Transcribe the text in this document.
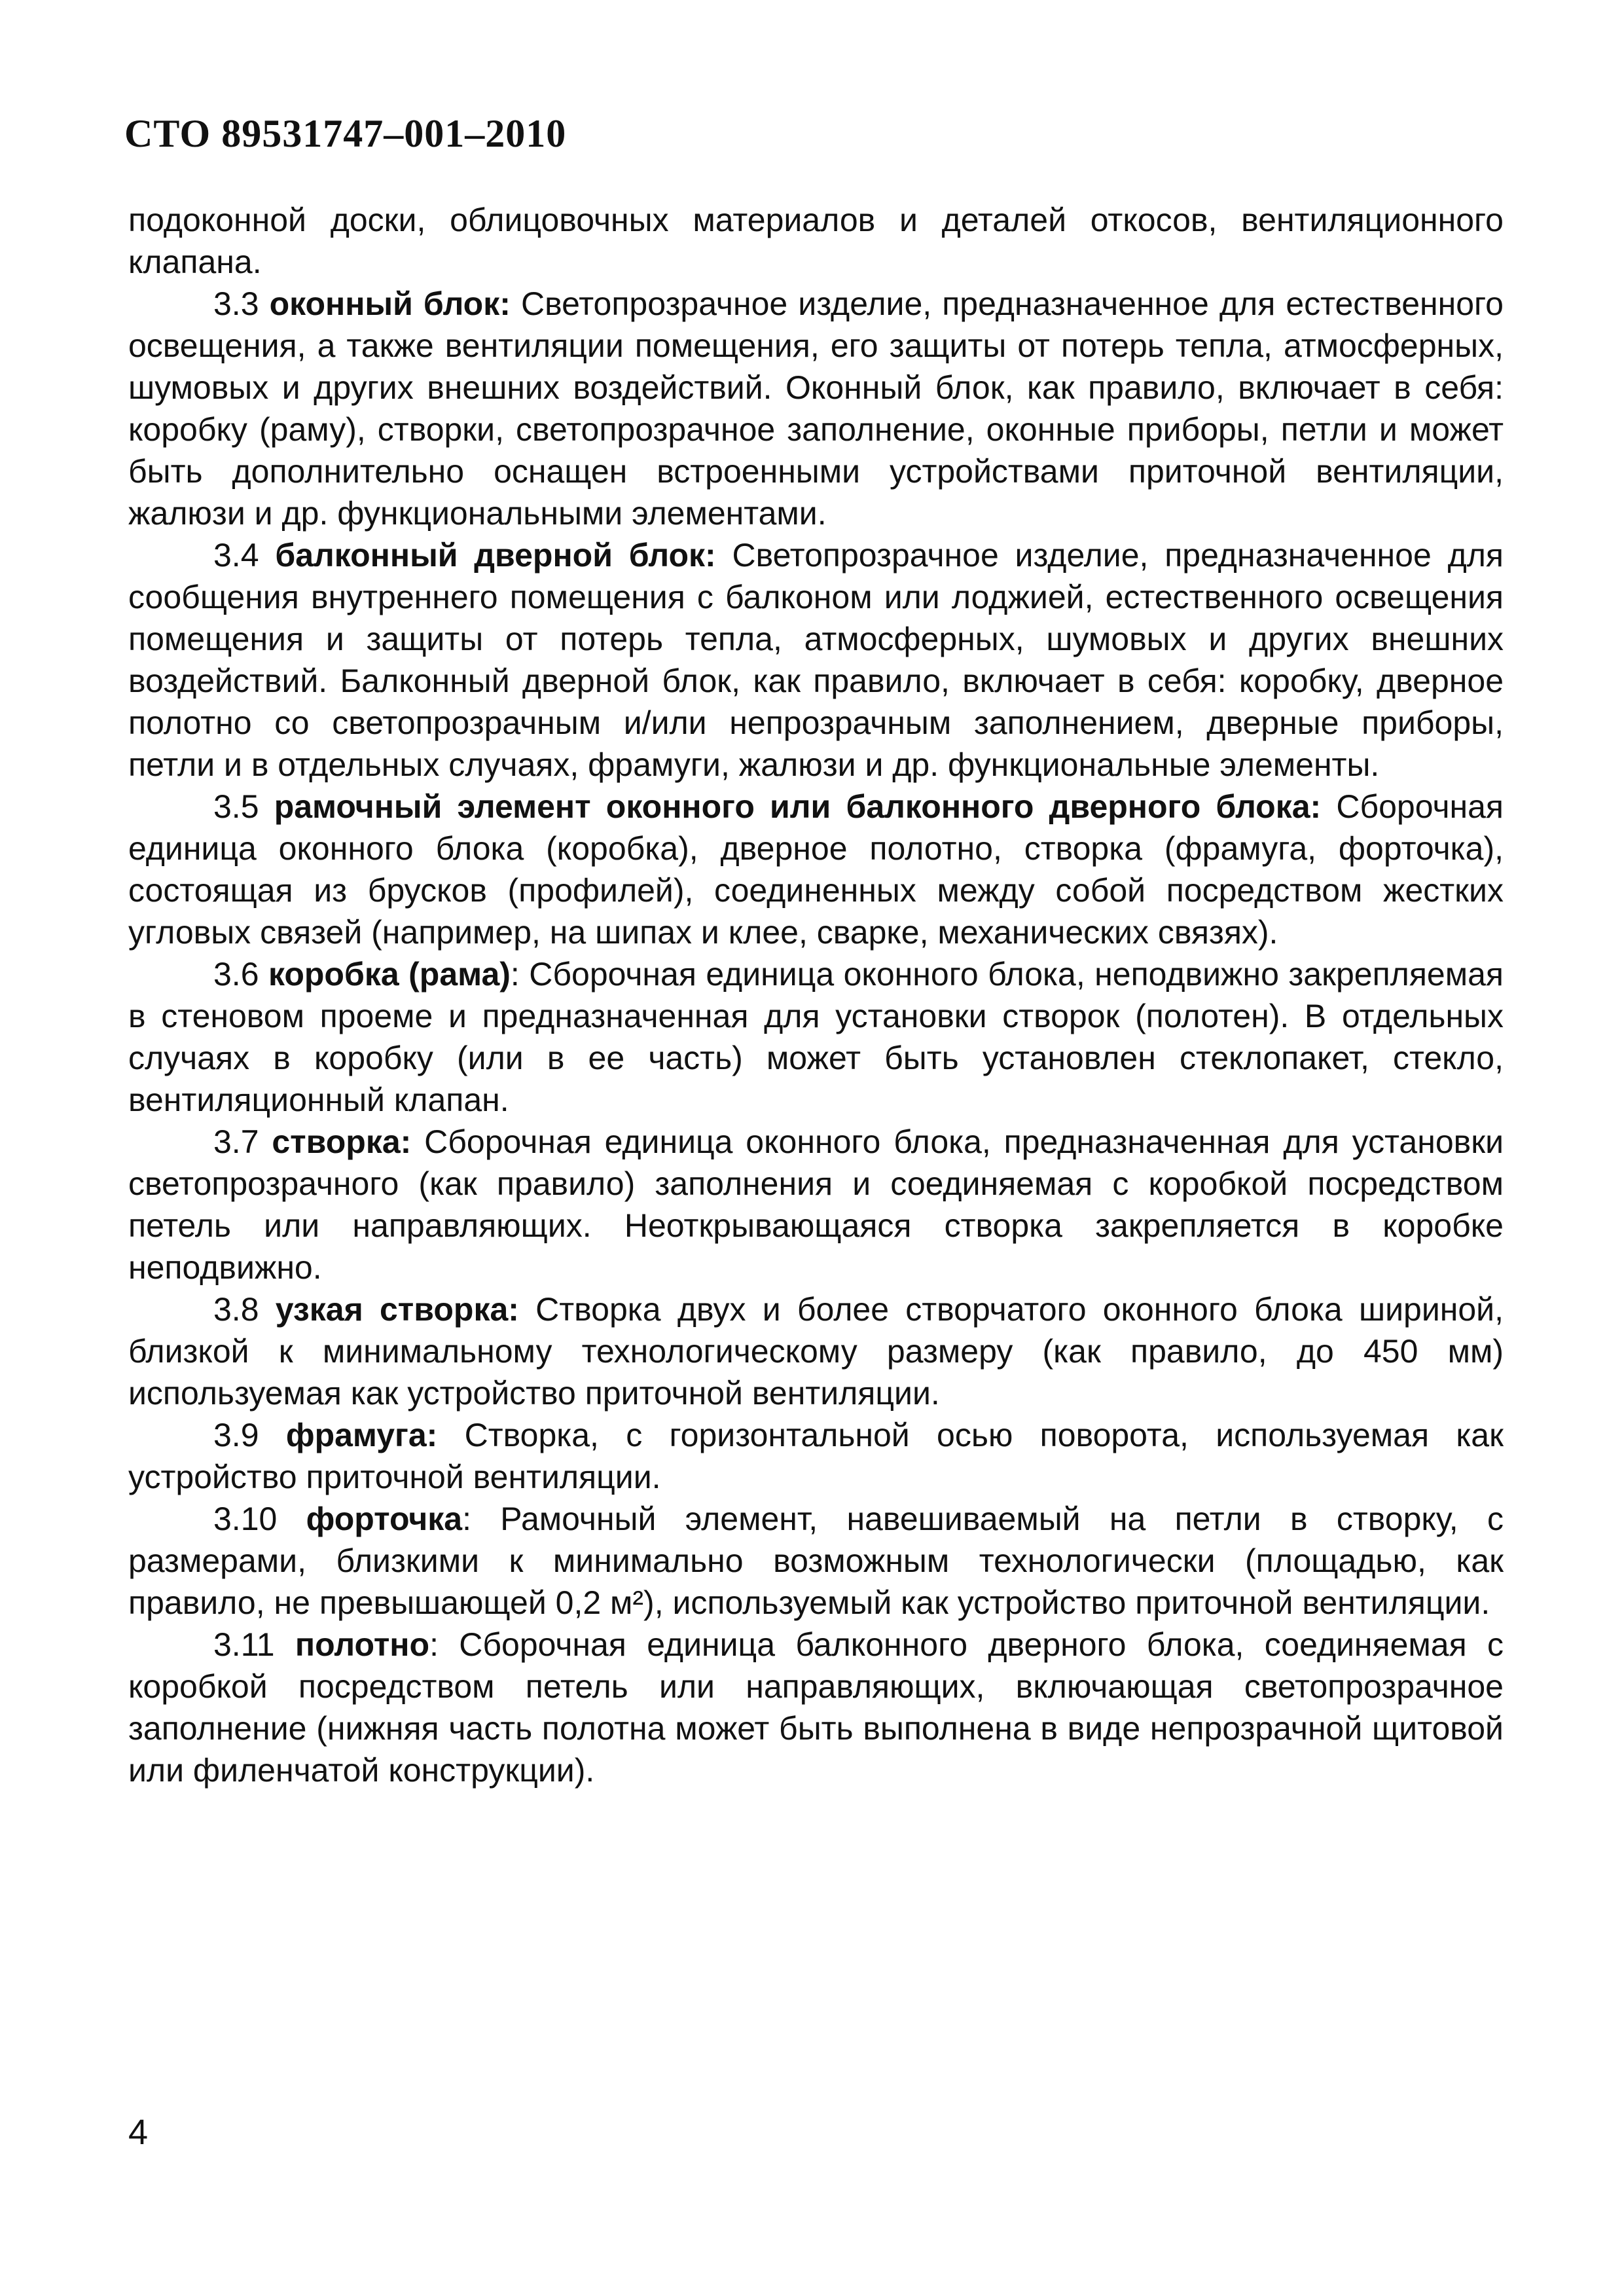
СТО 89531747–001–2010

подоконной доски, облицовочных материалов и деталей откосов, вентиляционного клапана.

3.3 оконный блок: Светопрозрачное изделие, предназначенное для естественного освещения, а также вентиляции помещения, его защиты от потерь тепла, атмосферных, шумовых и других внешних воздействий. Оконный блок, как правило, включает в себя: коробку (раму), створки, светопрозрачное заполнение, оконные приборы, петли и может быть дополнительно оснащен встроенными устройствами приточной вентиляции, жалюзи и др. функциональными элементами.

3.4 балконный дверной блок: Светопрозрачное изделие, предназначенное для сообщения внутреннего помещения с балконом или лоджией, естественного освещения помещения и защиты от потерь тепла, атмосферных, шумовых и других внешних воздействий. Балконный дверной блок, как правило, включает в себя: коробку, дверное полотно со светопрозрачным и/или непрозрачным заполнением, дверные приборы, петли и в отдельных случаях, фрамуги, жалюзи и др. функциональные элементы.

3.5 рамочный элемент оконного или балконного дверного блока: Сборочная единица оконного блока (коробка), дверное полотно, створка (фрамуга, форточка), состоящая из брусков (профилей), соединенных между собой посредством жестких угловых связей (например, на шипах и клее, сварке, механических связях).

3.6 коробка (рама): Сборочная единица оконного блока, неподвижно закрепляемая в стеновом проеме и предназначенная для установки створок (полотен). В отдельных случаях в коробку (или в ее часть) может быть установлен стеклопакет, стекло, вентиляционный клапан.

3.7 створка: Сборочная единица оконного блока, предназначенная для установки светопрозрачного (как правило) заполнения и соединяемая с коробкой посредством петель или направляющих. Неоткрывающаяся створка закрепляется в коробке неподвижно.

3.8 узкая створка: Створка двух и более створчатого оконного блока шириной, близкой к минимальному технологическому размеру (как правило, до 450 мм) используемая как устройство приточной вентиляции.

3.9 фрамуга: Створка, с горизонтальной осью поворота, используемая как устройство приточной вентиляции.

3.10 форточка: Рамочный элемент, навешиваемый на петли в створку, с размерами, близкими к минимально возможным технологически (площадью, как правило, не превышающей 0,2 м²), используемый как устройство приточной вентиляции.

3.11 полотно: Сборочная единица балконного дверного блока, соединяемая с коробкой посредством петель или направляющих, включающая светопрозрачное заполнение (нижняя часть полотна может быть выполнена в виде непрозрачной щитовой или филенчатой конструкции).

4
